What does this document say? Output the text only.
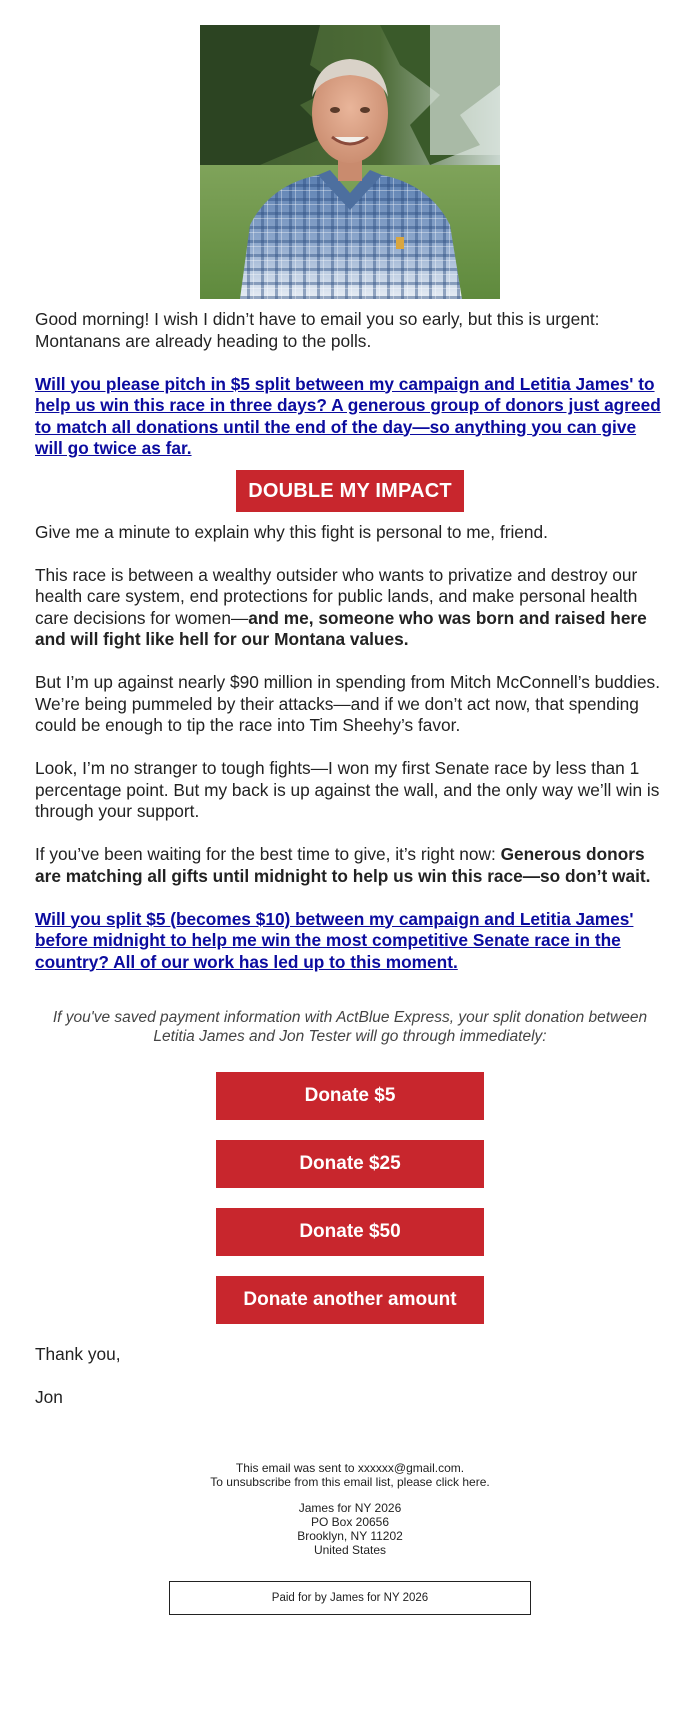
Good morning! I wish I didn’t have to email you so early, but this is urgent: Montanans are already heading to the polls.

Will you please pitch in $5 split between my campaign and Letitia James' to help us win this race in three days? A generous group of donors just agreed to match all donations until the end of the day—so anything you can give will go twice as far.

DOUBLE MY IMPACT

Give me a minute to explain why this fight is personal to me, friend.

This race is between a wealthy outsider who wants to privatize and destroy our health care system, end protections for public lands, and make personal health care decisions for women—and me, someone who was born and raised here and will fight like hell for our Montana values.

But I’m up against nearly $90 million in spending from Mitch McConnell’s buddies. We’re being pummeled by their attacks—and if we don’t act now, that spending could be enough to tip the race into Tim Sheehy’s favor.

Look, I’m no stranger to tough fights—I won my first Senate race by less than 1 percentage point. But my back is up against the wall, and the only way we’ll win is through your support.

If you’ve been waiting for the best time to give, it’s right now: Generous donors are matching all gifts until midnight to help us win this race—so don’t wait.

Will you split $5 (becomes $10) between my campaign and Letitia James' before midnight to help me win the most competitive Senate race in the country? All of our work has led up to this moment.

If you've saved payment information with ActBlue Express, your split donation between Letitia James and Jon Tester will go through immediately:

Donate $5
Donate $25
Donate $50
Donate another amount

Thank you,

Jon

This email was sent to xxxxxx@gmail.com.
To unsubscribe from this email list, please click here.
James for NY 2026
PO Box 20656
Brooklyn, NY 11202
United States
Paid for by James for NY 2026
